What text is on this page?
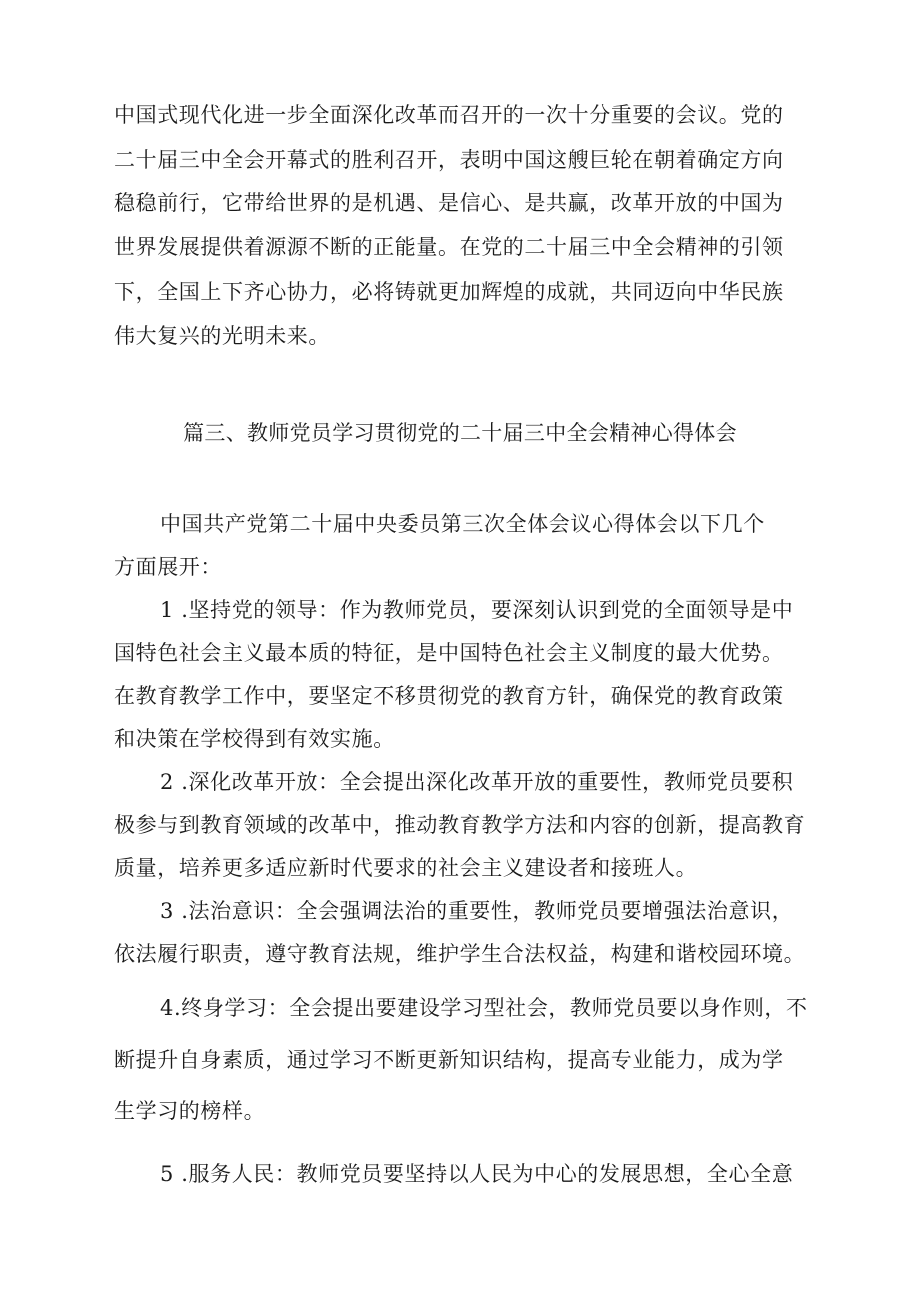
中国式现代化进一步全面深化改革而召开的一次十分重要的会议。党的
二十届三中全会开幕式的胜利召开，表明中国这艘巨轮在朝着确定方向
稳稳前行，它带给世界的是机遇、是信心、是共赢，改革开放的中国为
世界发展提供着源源不断的正能量。在党的二十届三中全会精神的引领
下，全国上下齐心协力，必将铸就更加辉煌的成就，共同迈向中华民族
伟大复兴的光明未来。
篇三、教师党员学习贯彻党的二十届三中全会精神心得体会
中国共产党第二十届中央委员第三次全体会议心得体会以下几个
方面展开：
1 .坚持党的领导：作为教师党员，要深刻认识到党的全面领导是中
国特色社会主义最本质的特征，是中国特色社会主义制度的最大优势。
在教育教学工作中，要坚定不移贯彻党的教育方针，确保党的教育政策
和决策在学校得到有效实施。
2 .深化改革开放：全会提出深化改革开放的重要性，教师党员要积
极参与到教育领域的改革中，推动教育教学方法和内容的创新，提高教育
质量，培养更多适应新时代要求的社会主义建设者和接班人。
3 .法治意识：全会强调法治的重要性，教师党员要增强法治意识，
依法履行职责，遵守教育法规，维护学生合法权益，构建和谐校园环境。
4.终身学习：全会提出要建设学习型社会，教师党员要以身作则，不
断提升自身素质，通过学习不断更新知识结构，提高专业能力，成为学
生学习的榜样。
5 .服务人民：教师党员要坚持以人民为中心的发展思想，全心全意
